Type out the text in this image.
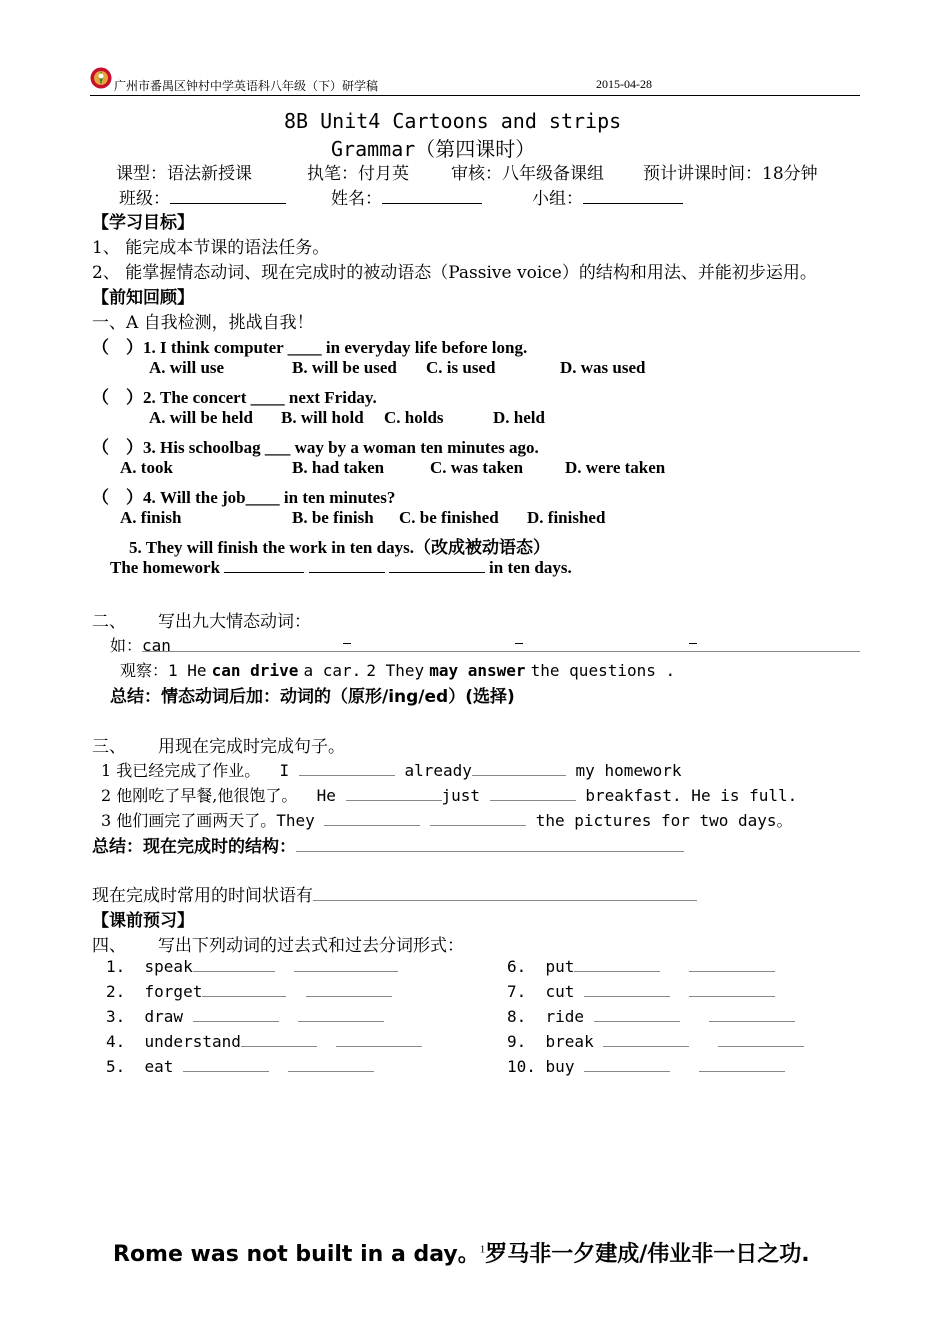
广州市番禺区钟村中学英语科八年级（下）研学稿	2015-04-28
8B Unit4 Cartoons and strips
Grammar（第四课时）
课型：语法新授课	执笔：付月英 审核：八年级备课组 预计讲课时间：18分钟
班级：	姓名：	小组：
【学习目标】
1、 能完成本节课的语法任务。
2、 能掌握情态动词、现在完成时的被动语态（Passive voice）的结构和用法、并能初步运用。
【前知回顾】
一、A 自我检测，挑战自我！
（　）1. I think computer ____ in everyday life before long.
A. will use	B. will be used C. is used	D. was used
（　）2. The concert ____ next Friday.
A. will be held B. will hold C. holds	D. held
（　）3. His schoolbag ___ way by a woman ten minutes ago.
A. took	B. had taken	C. was taken D. were taken
（　）4. Will the job____ in ten minutes?
A. finish	B. be finish C. be finished D. finished
5. They will finish the work in ten days.（改成被动语态）
The homework	in ten days.
二、 写出九大情态动词：
如：can
观察：1 He can drive a car. 2 They may answer the questions .
总结：情态动词后加：动词的（原形/ing/ed）(选择)
三、 用现在完成时完成句子。
1 我已经完成了作业。 I	already	my homework
2 他刚吃了早餐,他很饱了。 He	just	breakfast. He is full.
3 他们画完了画两天了。They	the pictures for two days。
总结：现在完成时的结构：
现在完成时常用的时间状语有
【课前预习】
四、 写出下列动词的过去式和过去分词形式：
1. speak
2. forget
3. draw
4. understand
5. eat
6. put
7. cut
8. ride
9. break
10. buy
Rome was not built in a day。$^1$罗马非一夕建成/伟业非一日之功.
